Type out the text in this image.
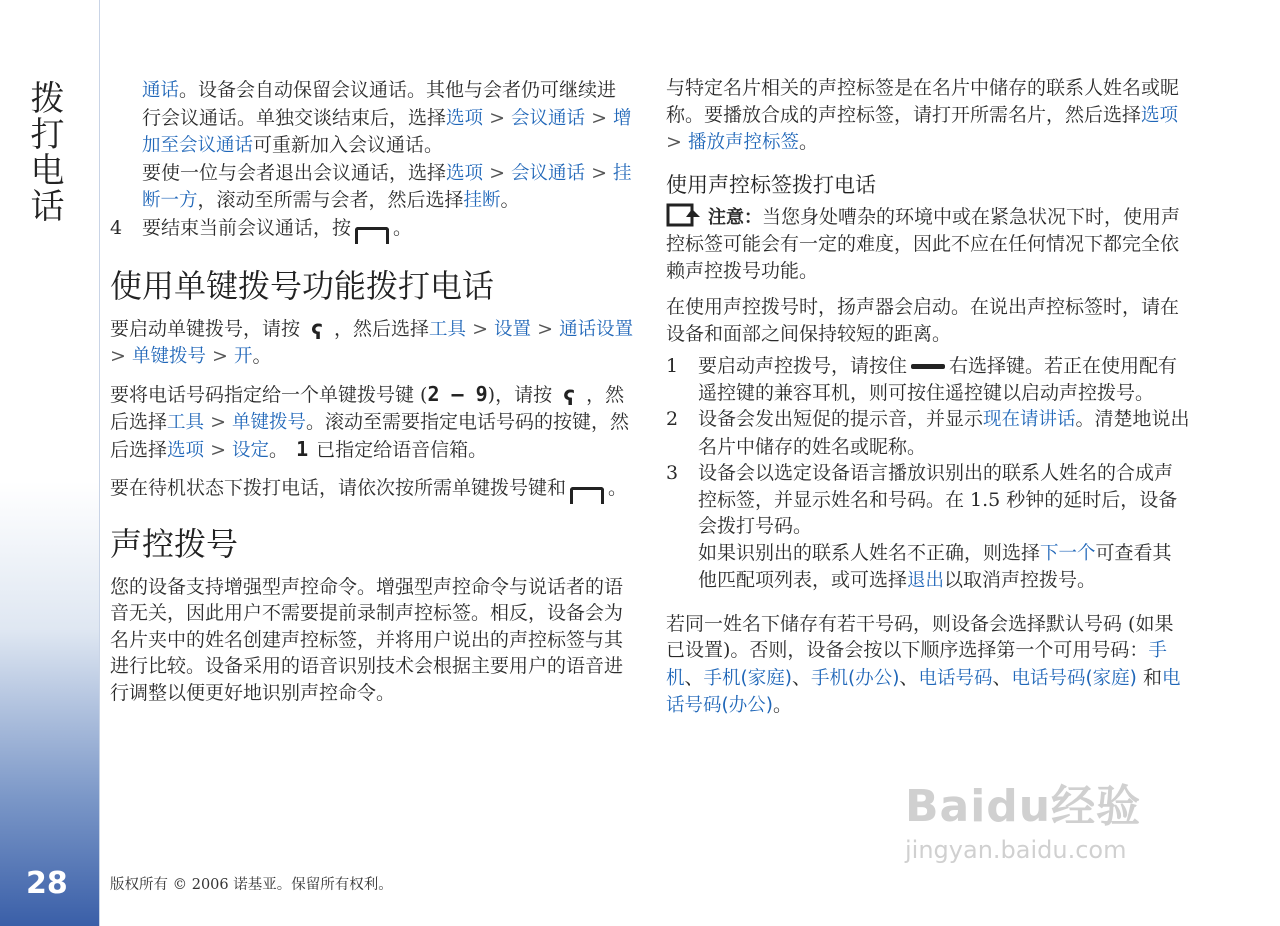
拨打电话
28

通话。设备会自动保留会议通话。其他与会者仍可继续进行会议通话。单独交谈结束后，选择选项 > 会议通话 > 增加至会议通话可重新加入会议通话。

要使一位与会者退出会议通话，选择选项 > 会议通话 > 挂断一方，滚动至所需与会者，然后选择挂断。

4 要结束当前会议通话，按 。

使用单键拨号功能拨打电话

要启动单键拨号，请按 ʕ ，然后选择工具 > 设置 > 通话设置 > 单键拨号 > 开。

要将电话号码指定给一个单键拨号键 (2 – 9)，请按 ʕ ，然后选择工具 > 单键拨号。滚动至需要指定电话号码的按键，然后选择选项 > 设定。 1 已指定给语音信箱。

要在待机状态下拨打电话，请依次按所需单键拨号键和 。

声控拨号

您的设备支持增强型声控命令。增强型声控命令与说话者的语音无关，因此用户不需要提前录制声控标签。相反，设备会为名片夹中的姓名创建声控标签，并将用户说出的声控标签与其进行比较。设备采用的语音识别技术会根据主要用户的语音进行调整以便更好地识别声控命令。

与特定名片相关的声控标签是在名片中储存的联系人姓名或昵称。要播放合成的声控标签，请打开所需名片，然后选择选项 > 播放声控标签。

使用声控标签拨打电话

注意：当您身处嘈杂的环境中或在紧急状况下时，使用声控标签可能会有一定的难度，因此不应在任何情况下都完全依赖声控拨号功能。

在使用声控拨号时，扬声器会启动。在说出声控标签时，请在设备和面部之间保持较短的距离。

1 要启动声控拨号，请按住 右选择键。若正在使用配有遥控键的兼容耳机，则可按住遥控键以启动声控拨号。

2 设备会发出短促的提示音，并显示现在请讲话。清楚地说出名片中储存的姓名或昵称。

3 设备会以选定设备语言播放识别出的联系人姓名的合成声控标签，并显示姓名和号码。在 1.5 秒钟的延时后，设备会拨打号码。

如果识别出的联系人姓名不正确，则选择下一个可查看其他匹配项列表，或可选择退出以取消声控拨号。

若同一姓名下储存有若干号码，则设备会选择默认号码 (如果已设置)。否则，设备会按以下顺序选择第一个可用号码：手机、手机(家庭)、手机(办公)、电话号码、电话号码(家庭) 和电话号码(办公)。

版权所有 © 2006 诺基亚。保留所有权利。
Baidu经验
jingyan.baidu.com
